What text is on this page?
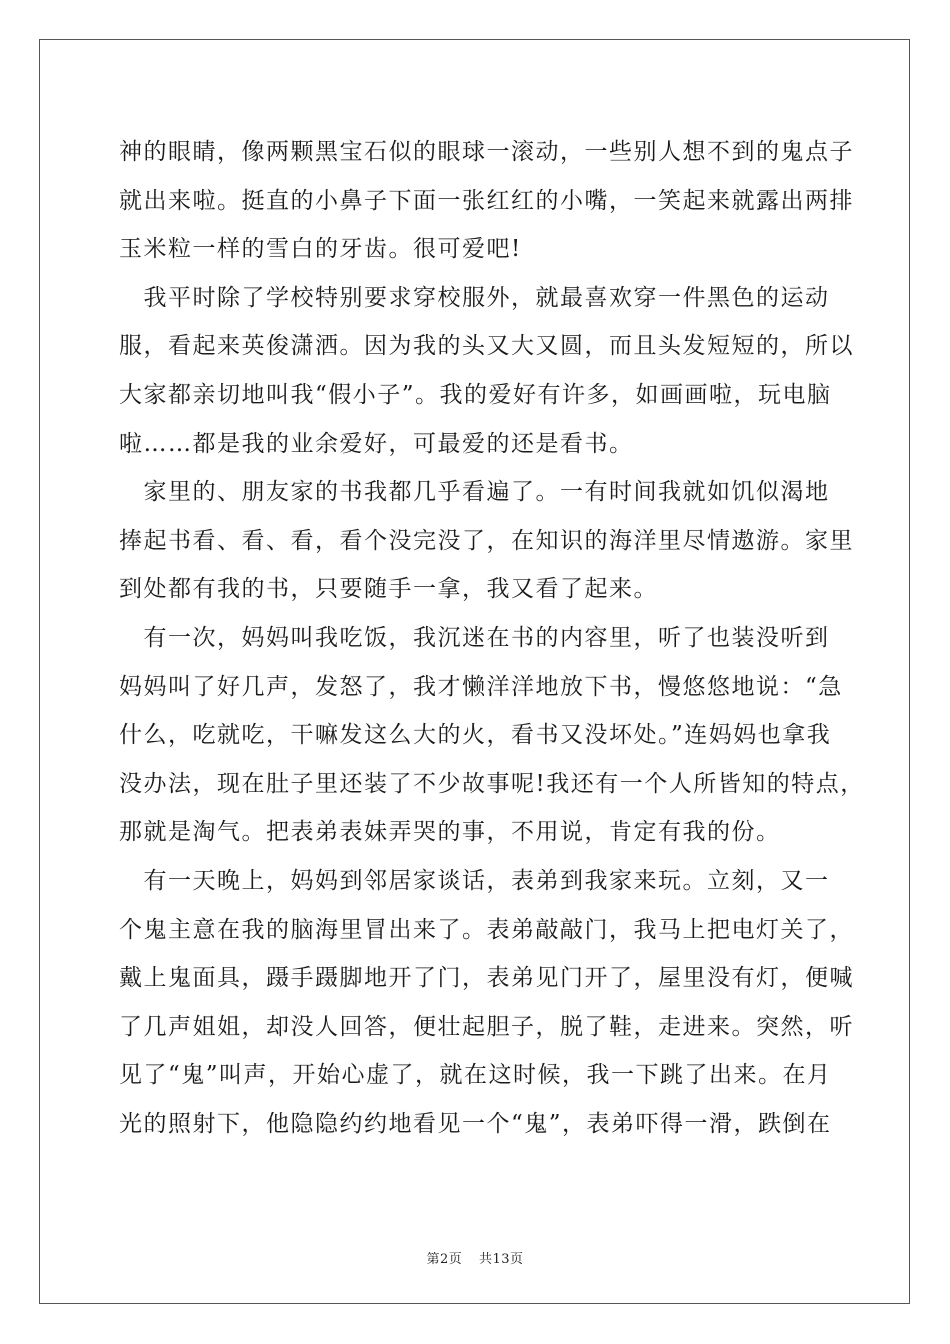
神的眼睛，像两颗黑宝石似的眼球一滚动，一些别人想不到的鬼点子
就出来啦。挺直的小鼻子下面一张红红的小嘴，一笑起来就露出两排
玉米粒一样的雪白的牙齿。很可爱吧!
　我平时除了学校特别要求穿校服外，就最喜欢穿一件黑色的运动
服，看起来英俊潇洒。因为我的头又大又圆，而且头发短短的，所以
大家都亲切地叫我“假小子”。我的爱好有许多，如画画啦，玩电脑
啦……都是我的业余爱好，可最爱的还是看书。
　家里的、朋友家的书我都几乎看遍了。一有时间我就如饥似渴地
捧起书看、看、看，看个没完没了，在知识的海洋里尽情遨游。家里
到处都有我的书，只要随手一拿，我又看了起来。
　有一次，妈妈叫我吃饭，我沉迷在书的内容里，听了也装没听到
妈妈叫了好几声，发怒了，我才懒洋洋地放下书，慢悠悠地说：“急
什么，吃就吃，干嘛发这么大的火，看书又没坏处。”连妈妈也拿我
没办法，现在肚子里还装了不少故事呢!我还有一个人所皆知的特点，
那就是淘气。把表弟表妹弄哭的事，不用说，肯定有我的份。
　有一天晚上，妈妈到邻居家谈话，表弟到我家来玩。立刻，又一
个鬼主意在我的脑海里冒出来了。表弟敲敲门，我马上把电灯关了，
戴上鬼面具，蹑手蹑脚地开了门，表弟见门开了，屋里没有灯，便喊
了几声姐姐，却没人回答，便壮起胆子，脱了鞋，走进来。突然，听
见了“鬼”叫声，开始心虚了，就在这时候，我一下跳了出来。在月
光的照射下，他隐隐约约地看见一个“鬼”，表弟吓得一滑，跌倒在
第2页 共13页
